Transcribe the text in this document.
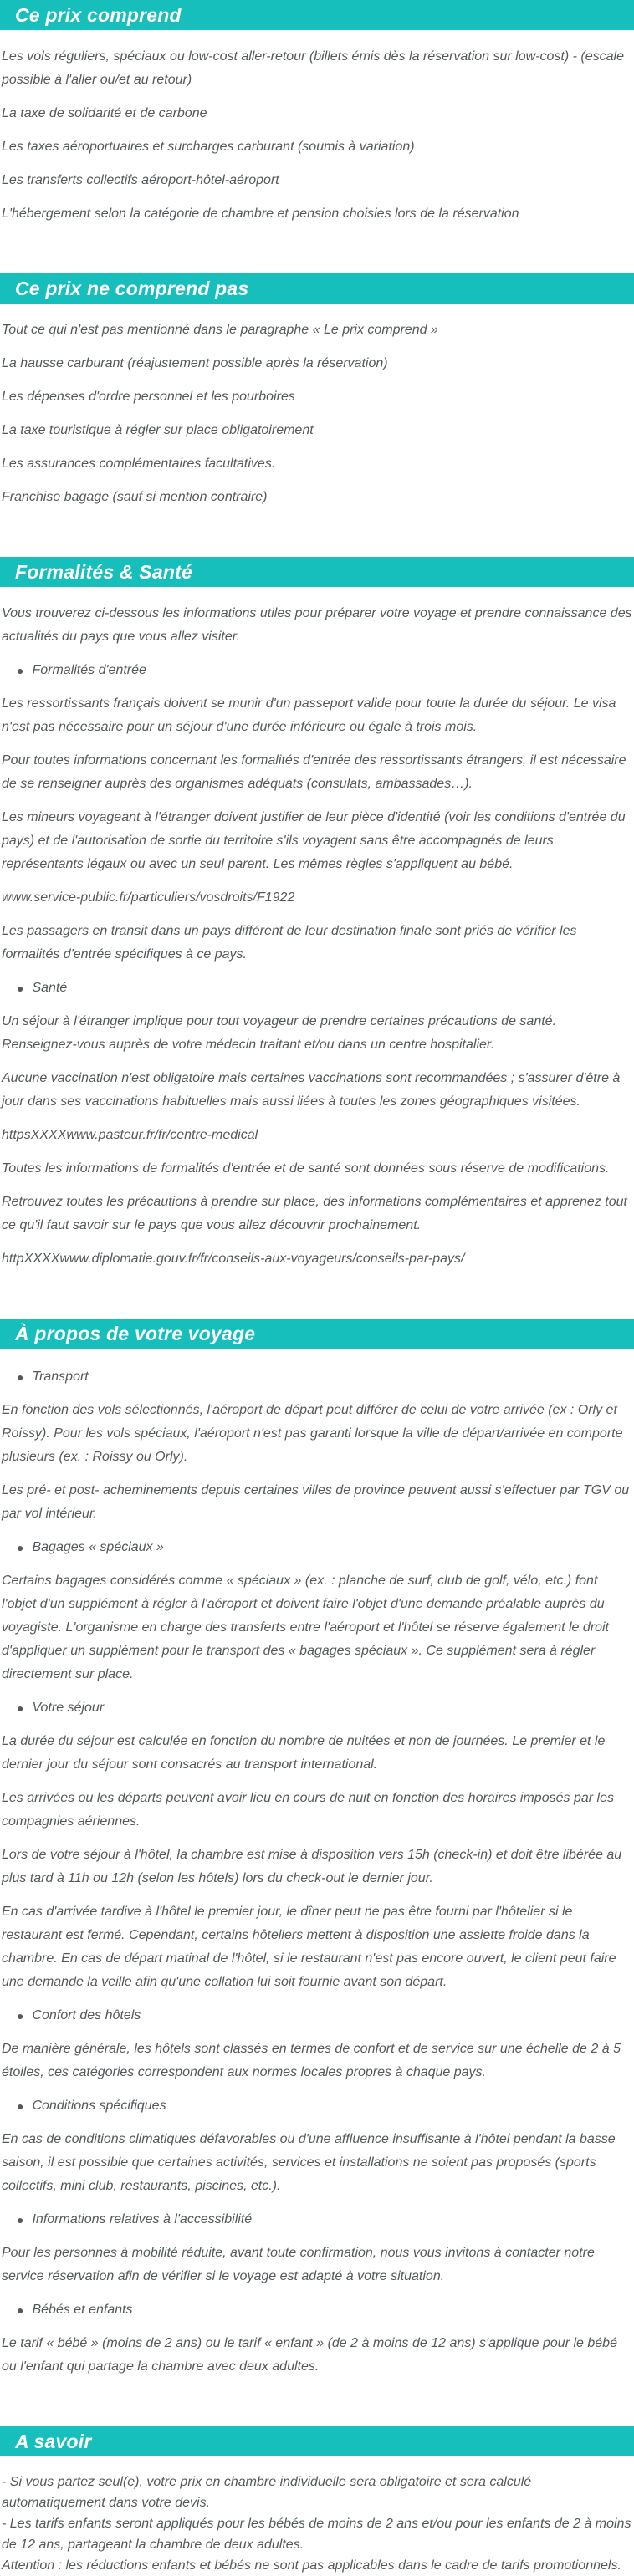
Ce prix comprend

Les vols réguliers, spéciaux ou low-cost aller-retour (billets émis dès la réservation sur low-cost) - (escale possible à l'aller ou/et au retour)

La taxe de solidarité et de carbone

Les taxes aéroportuaires et surcharges carburant (soumis à variation)

Les transferts collectifs aéroport-hôtel-aéroport

L'hébergement selon la catégorie de chambre et pension choisies lors de la réservation

Ce prix ne comprend pas

Tout ce qui n'est pas mentionné dans le paragraphe « Le prix comprend »

La hausse carburant (réajustement possible après la réservation)

Les dépenses d'ordre personnel et les pourboires

La taxe touristique à régler sur place obligatoirement

Les assurances complémentaires facultatives.

Franchise bagage (sauf si mention contraire)

Formalités & Santé

Vous trouverez ci-dessous les informations utiles pour préparer votre voyage et prendre connaissance des actualités du pays que vous allez visiter.

● Formalités d'entrée

Les ressortissants français doivent se munir d'un passeport valide pour toute la durée du séjour. Le visa n'est pas nécessaire pour un séjour d'une durée inférieure ou égale à trois mois.

Pour toutes informations concernant les formalités d'entrée des ressortissants étrangers, il est nécessaire de se renseigner auprès des organismes adéquats (consulats, ambassades…).

Les mineurs voyageant à l'étranger doivent justifier de leur pièce d'identité (voir les conditions d'entrée du pays) et de l'autorisation de sortie du territoire s'ils voyagent sans être accompagnés de leurs représentants légaux ou avec un seul parent. Les mêmes règles s'appliquent au bébé.

www.service-public.fr/particuliers/vosdroits/F1922

Les passagers en transit dans un pays différent de leur destination finale sont priés de vérifier les formalités d'entrée spécifiques à ce pays.

● Santé

Un séjour à l'étranger implique pour tout voyageur de prendre certaines précautions de santé. Renseignez-vous auprès de votre médecin traitant et/ou dans un centre hospitalier.

Aucune vaccination n'est obligatoire mais certaines vaccinations sont recommandées ; s'assurer d'être à jour dans ses vaccinations habituelles mais aussi liées à toutes les zones géographiques visitées.

httpsXXXXwww.pasteur.fr/fr/centre-medical

Toutes les informations de formalités d'entrée et de santé sont données sous réserve de modifications.

Retrouvez toutes les précautions à prendre sur place, des informations complémentaires et apprenez tout ce qu'il faut savoir sur le pays que vous allez découvrir prochainement.

httpXXXXwww.diplomatie.gouv.fr/fr/conseils-aux-voyageurs/conseils-par-pays/

À propos de votre voyage
● Transport

En fonction des vols sélectionnés, l'aéroport de départ peut différer de celui de votre arrivée (ex : Orly et Roissy). Pour les vols spéciaux, l'aéroport n'est pas garanti lorsque la ville de départ/arrivée en comporte plusieurs (ex. : Roissy ou Orly).

Les pré- et post- acheminements depuis certaines villes de province peuvent aussi s'effectuer par TGV ou par vol intérieur.

● Bagages « spéciaux »

Certains bagages considérés comme « spéciaux » (ex. : planche de surf, club de golf, vélo, etc.) font l'objet d'un supplément à régler à l'aéroport et doivent faire l'objet d'une demande préalable auprès du voyagiste. L'organisme en charge des transferts entre l'aéroport et l'hôtel se réserve également le droit d'appliquer un supplément pour le transport des « bagages spéciaux ». Ce supplément sera à régler directement sur place.

● Votre séjour

La durée du séjour est calculée en fonction du nombre de nuitées et non de journées. Le premier et le dernier jour du séjour sont consacrés au transport international.

Les arrivées ou les départs peuvent avoir lieu en cours de nuit en fonction des horaires imposés par les compagnies aériennes.

Lors de votre séjour à l'hôtel, la chambre est mise à disposition vers 15h (check-in) et doit être libérée au plus tard à 11h ou 12h (selon les hôtels) lors du check-out le dernier jour.

En cas d'arrivée tardive à l'hôtel le premier jour, le dîner peut ne pas être fourni par l'hôtelier si le restaurant est fermé. Cependant, certains hôteliers mettent à disposition une assiette froide dans la chambre. En cas de départ matinal de l'hôtel, si le restaurant n'est pas encore ouvert, le client peut faire une demande la veille afin qu'une collation lui soit fournie avant son départ.

● Confort des hôtels

De manière générale, les hôtels sont classés en termes de confort et de service sur une échelle de 2 à 5 étoiles, ces catégories correspondent aux normes locales propres à chaque pays.

● Conditions spécifiques

En cas de conditions climatiques défavorables ou d'une affluence insuffisante à l'hôtel pendant la basse saison, il est possible que certaines activités, services et installations ne soient pas proposés (sports collectifs, mini club, restaurants, piscines, etc.).

● Informations relatives à l'accessibilité

Pour les personnes à mobilité réduite, avant toute confirmation, nous vous invitons à contacter notre service réservation afin de vérifier si le voyage est adapté à votre situation.

● Bébés et enfants

Le tarif « bébé » (moins de 2 ans) ou le tarif « enfant » (de 2 à moins de 12 ans) s'applique pour le bébé ou l'enfant qui partage la chambre avec deux adultes.

A savoir

- Si vous partez seul(e), votre prix en chambre individuelle sera obligatoire et sera calculé automatiquement dans votre devis.

- Les tarifs enfants seront appliqués pour les bébés de moins de 2 ans et/ou pour les enfants de 2 à moins de 12 ans, partageant la chambre de deux adultes.

Attention : les réductions enfants et bébés ne sont pas applicables dans le cadre de tarifs promotionnels.
